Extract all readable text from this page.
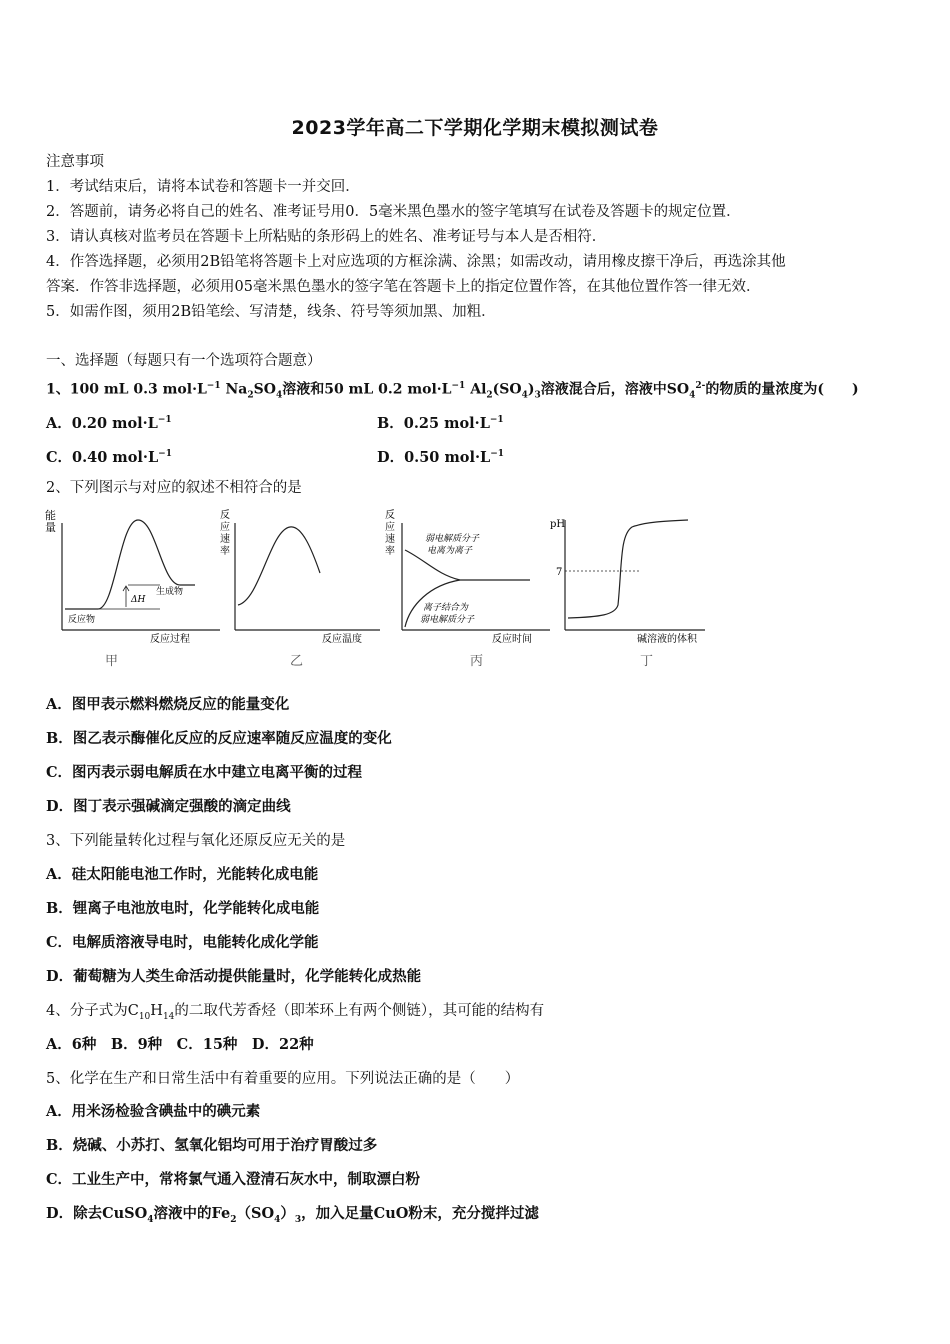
2023学年高二下学期化学期末模拟测试卷
注意事项
1．考试结束后，请将本试卷和答题卡一并交回．
2．答题前，请务必将自己的姓名、准考证号用0．5毫米黑色墨水的签字笔填写在试卷及答题卡的规定位置．
3．请认真核对监考员在答题卡上所粘贴的条形码上的姓名、准考证号与本人是否相符．
4．作答选择题，必须用2B铅笔将答题卡上对应选项的方框涂满、涂黑；如需改动，请用橡皮擦干净后，再选涂其他
答案．作答非选择题，必须用05毫米黑色墨水的签字笔在答题卡上的指定位置作答，在其他位置作答一律无效．
5．如需作图，须用2B铅笔绘、写清楚，线条、符号等须加黑、加粗．
一、选择题（每题只有一个选项符合题意）
1、100 mL 0.3 $mol\cdot L^{-1}$ $Na_2SO_4$溶液和50 mL 0.2 $mol\cdot L^{-1}$ $Al_2(SO_4)_3$溶液混合后，溶液中$SO_4^{2-}$的物质的量浓度为(　　)
A．0.20 $mol\cdot L^{-1}$	B．0.25 $mol\cdot L^{-1}$
C．0.40 $mol\cdot L^{-1}$	D．0.50 $mol\cdot L^{-1}$
2、下列图示与对应的叙述不相符合的是
能
量
ΔH
生成物
反应物
反应过程
甲
反
应
速
率
反应温度
乙
反
应
速
率
弱电解质分子
电离为离子
离子结合为
弱电解质分子
反应时间
丙
pH
7
碱溶液的体积
丁
A．图甲表示燃料燃烧反应的能量变化
B．图乙表示酶催化反应的反应速率随反应温度的变化
C．图丙表示弱电解质在水中建立电离平衡的过程
D．图丁表示强碱滴定强酸的滴定曲线
3、下列能量转化过程与氧化还原反应无关的是
A．硅太阳能电池工作时，光能转化成电能
B．锂离子电池放电时，化学能转化成电能
C．电解质溶液导电时，电能转化成化学能
D．葡萄糖为人类生命活动提供能量时，化学能转化成热能
4、分子式为$C_{10}H_{14}$的二取代芳香烃（即苯环上有两个侧链），其可能的结构有
A．6种　B．9种　C．15种　D．22种
5、化学在生产和日常生活中有着重要的应用。下列说法正确的是（　　）
A．用米汤检验含碘盐中的碘元素
B．烧碱、小苏打、氢氧化铝均可用于治疗胃酸过多
C．工业生产中，常将氯气通入澄清石灰水中，制取漂白粉
D．除去CuSO$_4$溶液中的$Fe_2(SO_4)_3$，加入足量CuO粉末，充分搅拌过滤
